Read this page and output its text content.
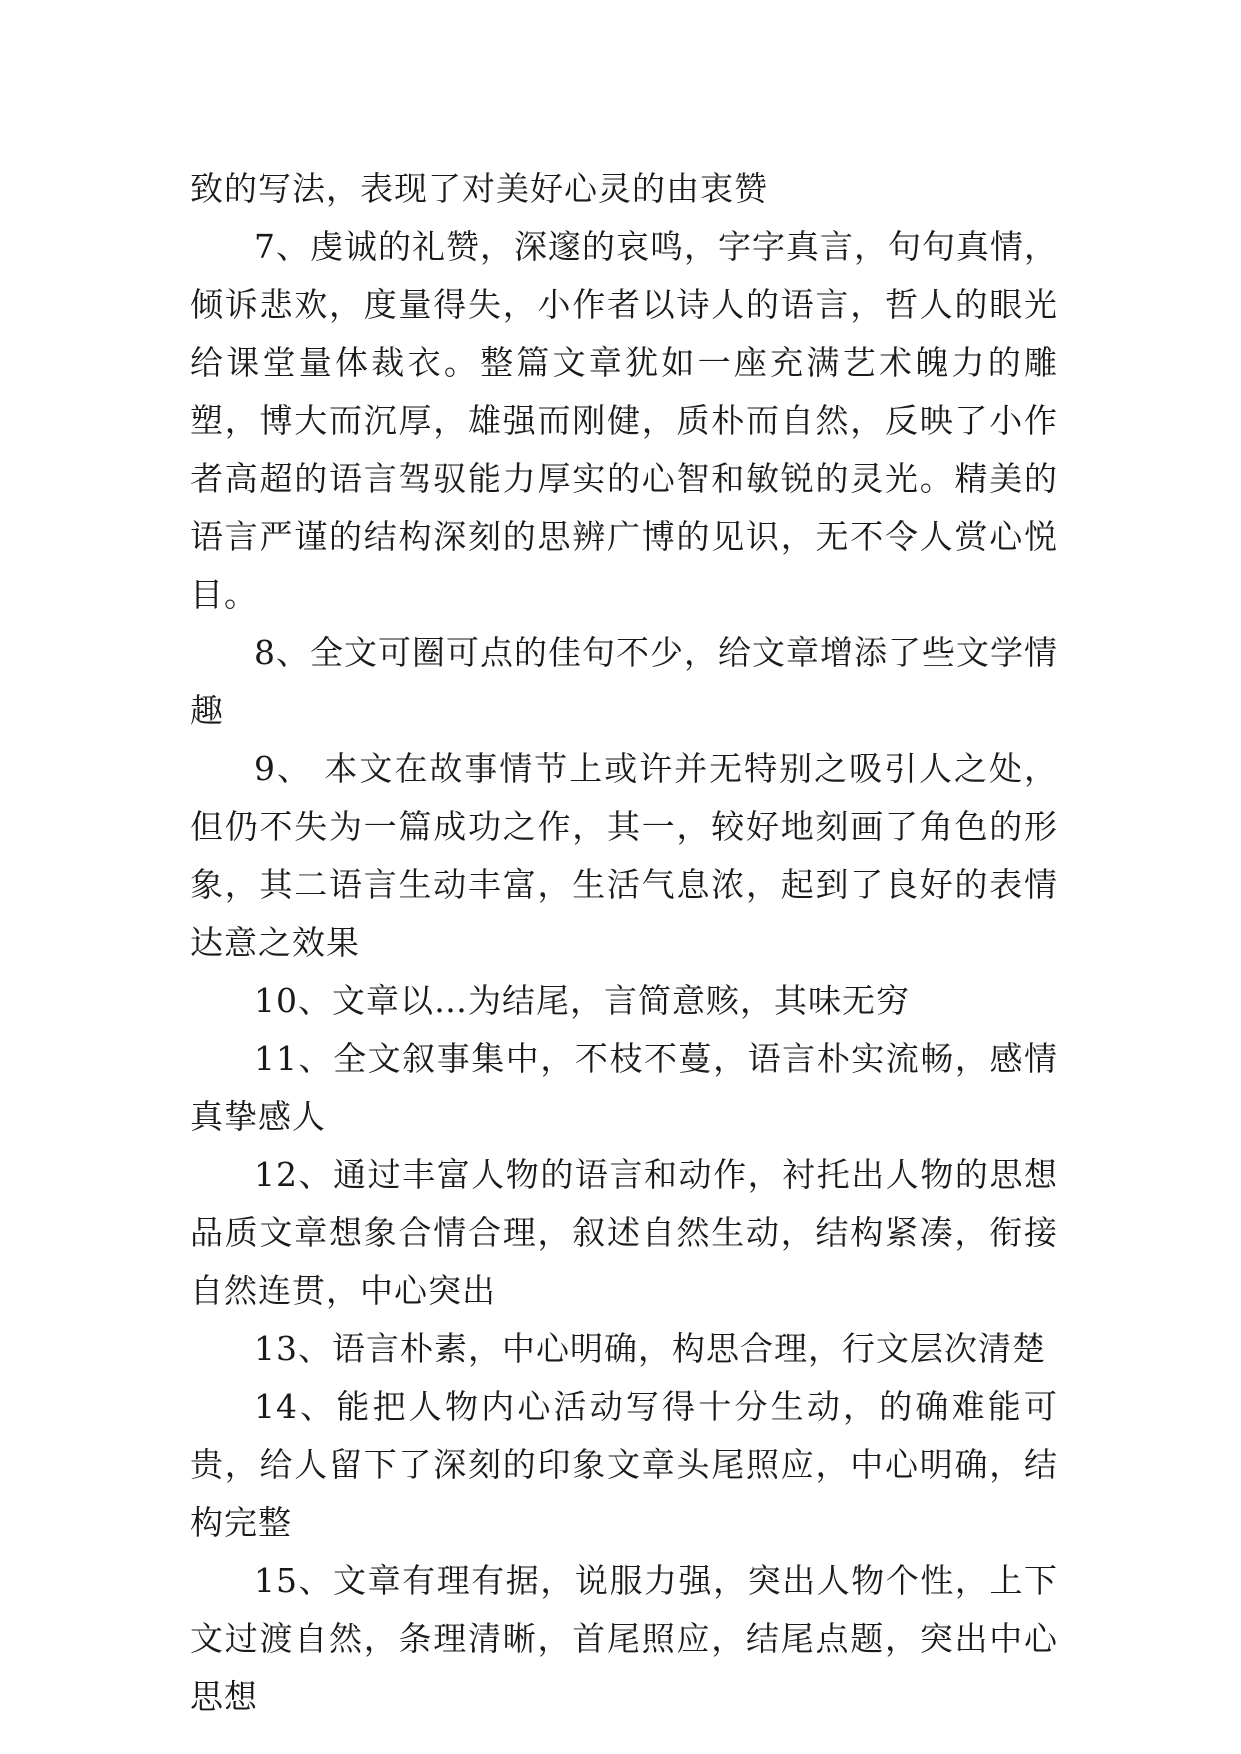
致的写法，表现了对美好心灵的由衷赞

7、虔诚的礼赞，深邃的哀鸣，字字真言，句句真情，倾诉悲欢，度量得失，小作者以诗人的语言，哲人的眼光给课堂量体裁衣。整篇文章犹如一座充满艺术魄力的雕塑，博大而沉厚，雄强而刚健，质朴而自然，反映了小作者高超的语言驾驭能力厚实的心智和敏锐的灵光。精美的语言严谨的结构深刻的思辨广博的见识，无不令人赏心悦目。

8、全文可圈可点的佳句不少，给文章增添了些文学情趣

9、 本文在故事情节上或许并无特别之吸引人之处，但仍不失为一篇成功之作，其一，较好地刻画了角色的形象，其二语言生动丰富，生活气息浓，起到了良好的表情达意之效果

10、文章以…为结尾，言简意赅，其味无穷

11、全文叙事集中，不枝不蔓，语言朴实流畅，感情真挚感人

12、通过丰富人物的语言和动作，衬托出人物的思想品质文章想象合情合理，叙述自然生动，结构紧凑，衔接自然连贯，中心突出

13、语言朴素，中心明确，构思合理，行文层次清楚

14、能把人物内心活动写得十分生动，的确难能可贵，给人留下了深刻的印象文章头尾照应，中心明确，结构完整

15、文章有理有据，说服力强，突出人物个性，上下文过渡自然，条理清晰，首尾照应，结尾点题，突出中心思想
